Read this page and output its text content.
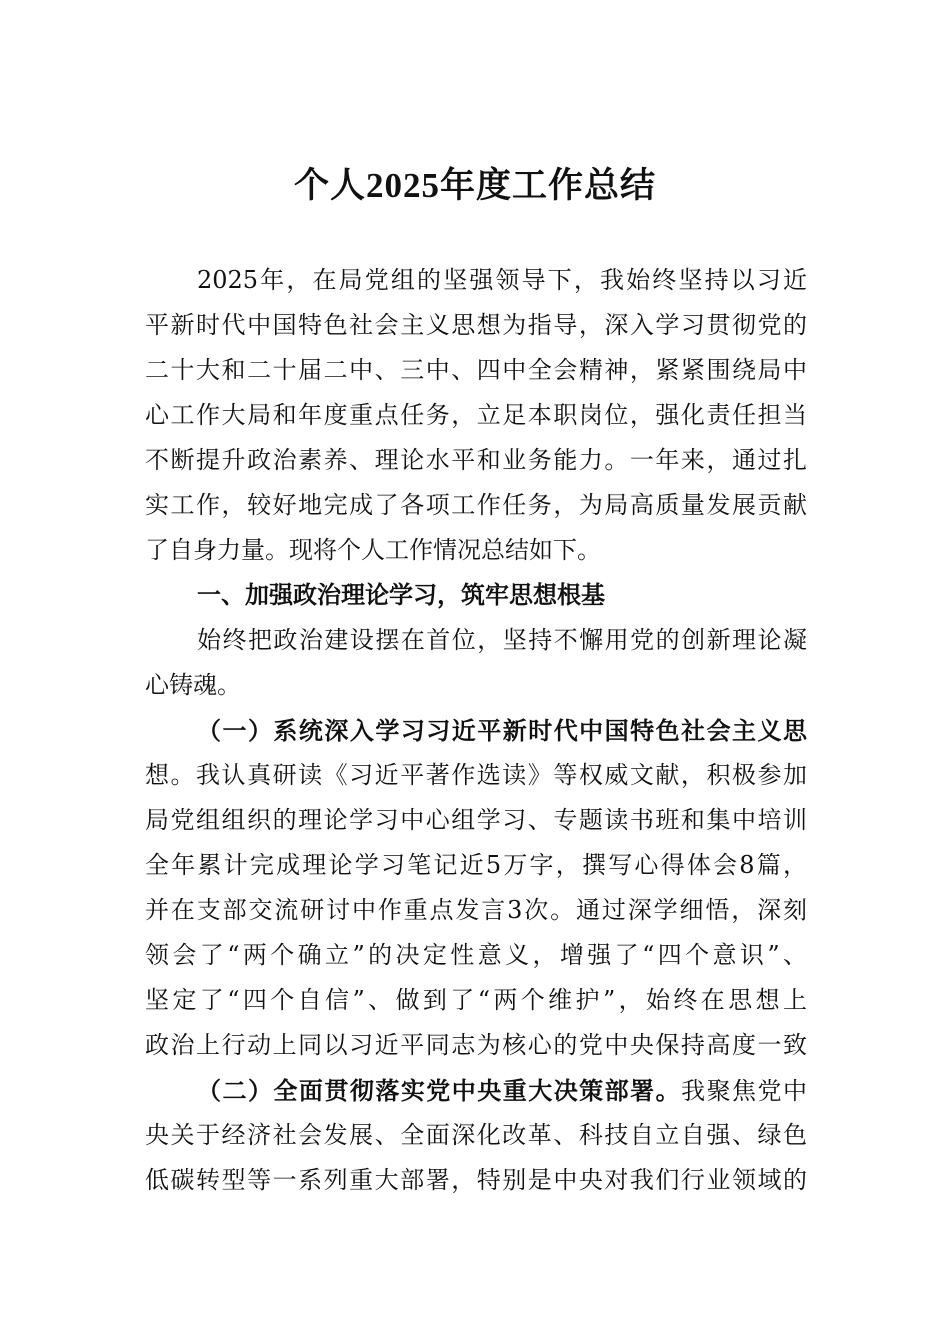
个人2025年度工作总结
2025年，在局党组的坚强领导下，我始终坚持以习近
平新时代中国特色社会主义思想为指导，深入学习贯彻党的
二十大和二十届二中、三中、四中全会精神，紧紧围绕局中
心工作大局和年度重点任务，立足本职岗位，强化责任担当
不断提升政治素养、理论水平和业务能力。一年来，通过扎
实工作，较好地完成了各项工作任务，为局高质量发展贡献
了自身力量。现将个人工作情况总结如下。
一、加强政治理论学习，筑牢思想根基
始终把政治建设摆在首位，坚持不懈用党的创新理论凝
心铸魂。
（一）系统深入学习习近平新时代中国特色社会主义思
想。我认真研读《习近平著作选读》等权威文献，积极参加
局党组组织的理论学习中心组学习、专题读书班和集中培训
全年累计完成理论学习笔记近5万字，撰写心得体会8篇，
并在支部交流研讨中作重点发言3次。通过深学细悟，深刻
领会了“两个确立”的决定性意义，增强了“四个意识”、
坚定了“四个自信”、做到了“两个维护”，始终在思想上
政治上行动上同以习近平同志为核心的党中央保持高度一致
（二）全面贯彻落实党中央重大决策部署。我聚焦党中
央关于经济社会发展、全面深化改革、科技自立自强、绿色
低碳转型等一系列重大部署，特别是中央对我们行业领域的
